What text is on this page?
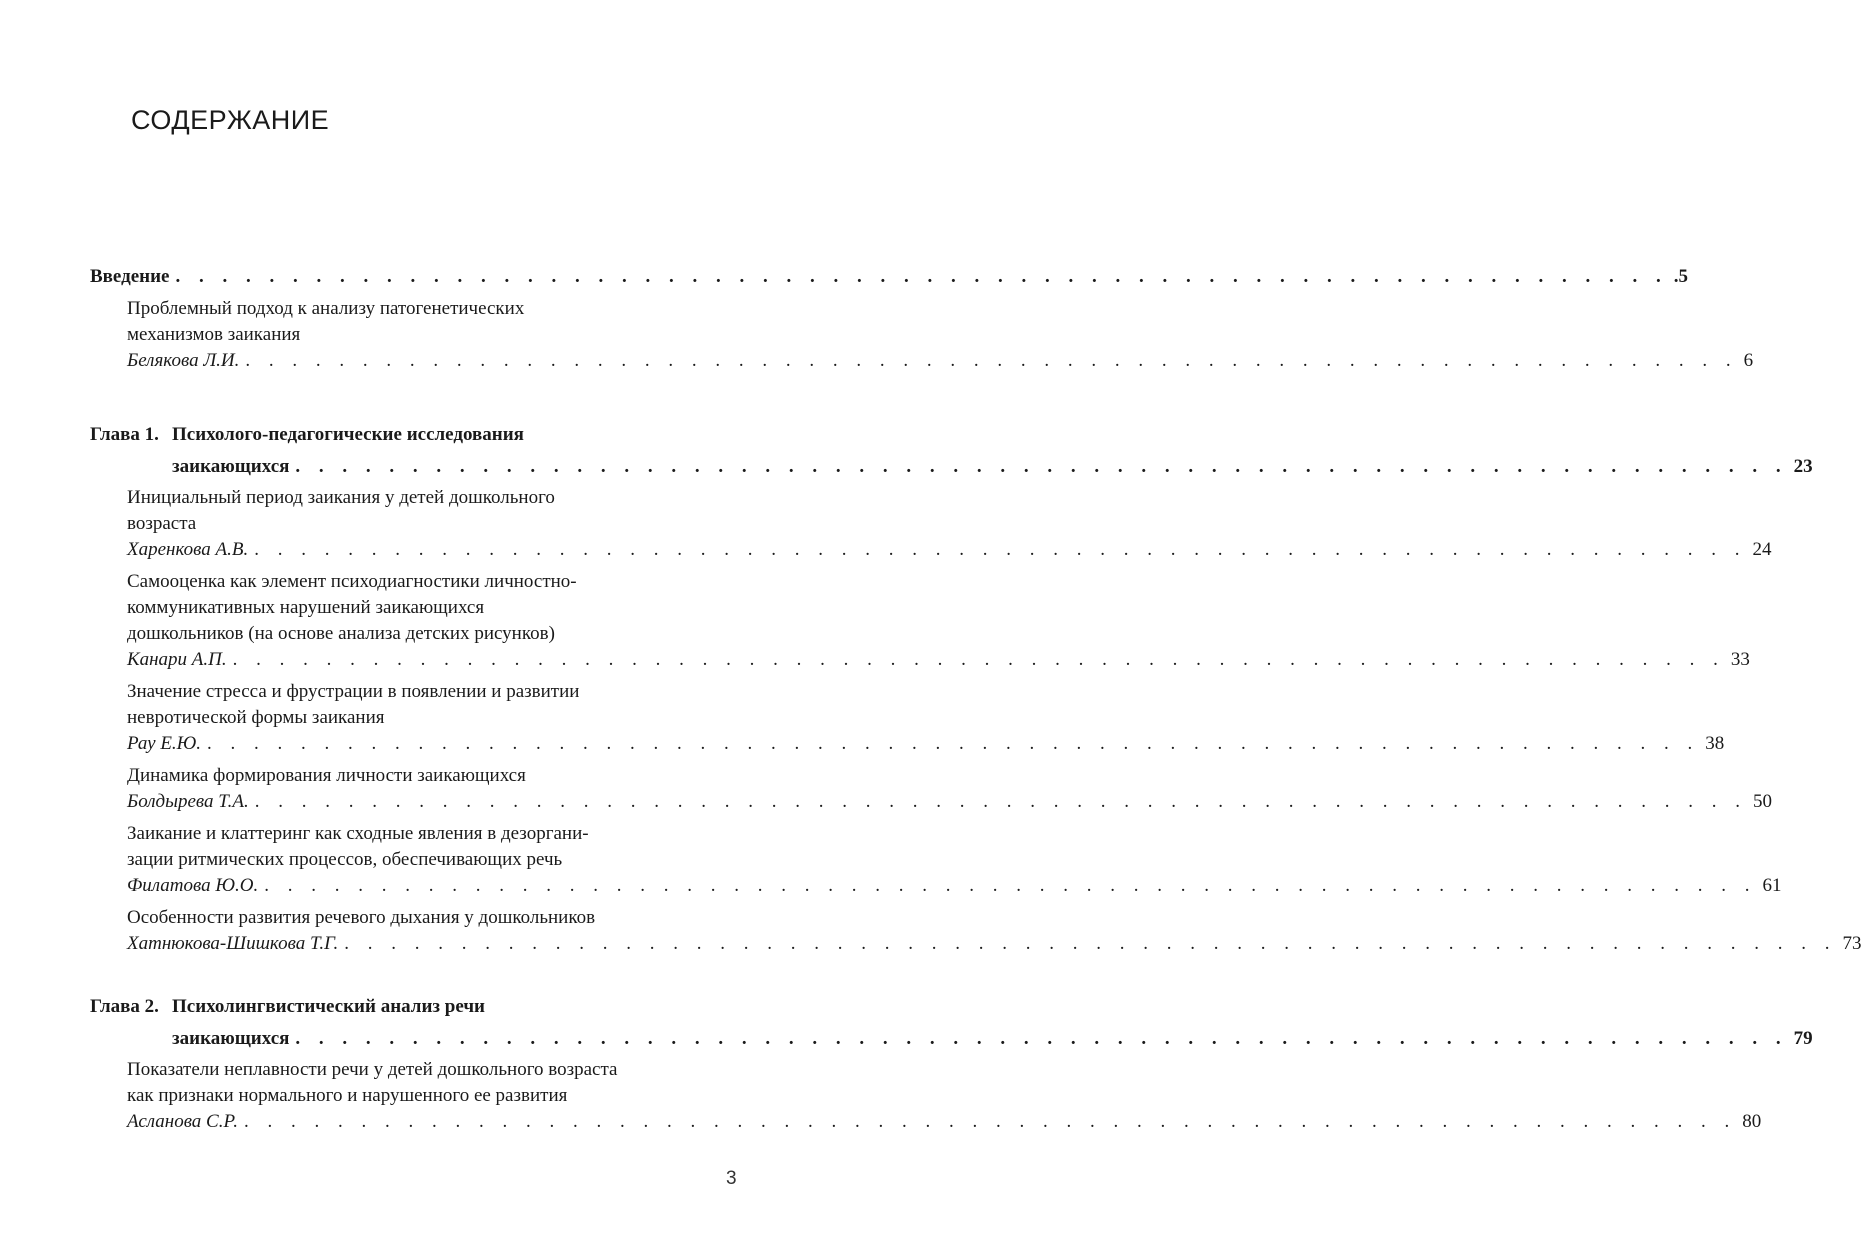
СОДЕРЖАНИЕ
Введение . . . . . . . . . . . . . . . . . . . . . . . . . . . . . . . . . . . . . . . . . . . . . . . . . . . . . . . . . . . . . . . . .5
Проблемный подход к анализу патогенетических
механизмов заикания
Белякова Л.И. . . . . . . . . . . . . . . . . . . . . . . . . . . . . . . . . . . . . . . . . . . . . . . . . . . . . . . . . . . . . . . . . 6
Глава 1. Психолого-педагогические исследования
заикающихся . . . . . . . . . . . . . . . . . . . . . . . . . . . . . . . . . . . . . . . . . . . . . . . . . . . . . . . . . . . . . . . . 23
Инициальный период заикания у детей дошкольного
возраста
Харенкова А.В. . . . . . . . . . . . . . . . . . . . . . . . . . . . . . . . . . . . . . . . . . . . . . . . . . . . . . . . . . . . . . . . . 24
Самооценка как элемент психодиагностики личностно-
коммуникативных нарушений заикающихся
дошкольников (на основе анализа детских рисунков)
Канари А.П. . . . . . . . . . . . . . . . . . . . . . . . . . . . . . . . . . . . . . . . . . . . . . . . . . . . . . . . . . . . . . . . . 33
Значение стресса и фрустрации в появлении и развитии
невротической формы заикания
Рау Е.Ю. . . . . . . . . . . . . . . . . . . . . . . . . . . . . . . . . . . . . . . . . . . . . . . . . . . . . . . . . . . . . . . . . 38
Динамика формирования личности заикающихся
Болдырева Т.А. . . . . . . . . . . . . . . . . . . . . . . . . . . . . . . . . . . . . . . . . . . . . . . . . . . . . . . . . . . . . . . . . 50
Заикание и клаттеринг как сходные явления в дезоргани-
зации ритмических процессов, обеспечивающих речь
Филатова Ю.О. . . . . . . . . . . . . . . . . . . . . . . . . . . . . . . . . . . . . . . . . . . . . . . . . . . . . . . . . . . . . . . . . 61
Особенности развития речевого дыхания у дошкольников
Хатнюкова-Шишкова Т.Г. . . . . . . . . . . . . . . . . . . . . . . . . . . . . . . . . . . . . . . . . . . . . . . . . . . . . . . . . . . . . . . . . 73
Глава 2. Психолингвистический анализ речи
заикающихся . . . . . . . . . . . . . . . . . . . . . . . . . . . . . . . . . . . . . . . . . . . . . . . . . . . . . . . . . . . . . . . . 79
Показатели неплавности речи у детей дошкольного возраста
как признаки нормального и нарушенного ее развития
Асланова С.Р. . . . . . . . . . . . . . . . . . . . . . . . . . . . . . . . . . . . . . . . . . . . . . . . . . . . . . . . . . . . . . . . . 80
3
